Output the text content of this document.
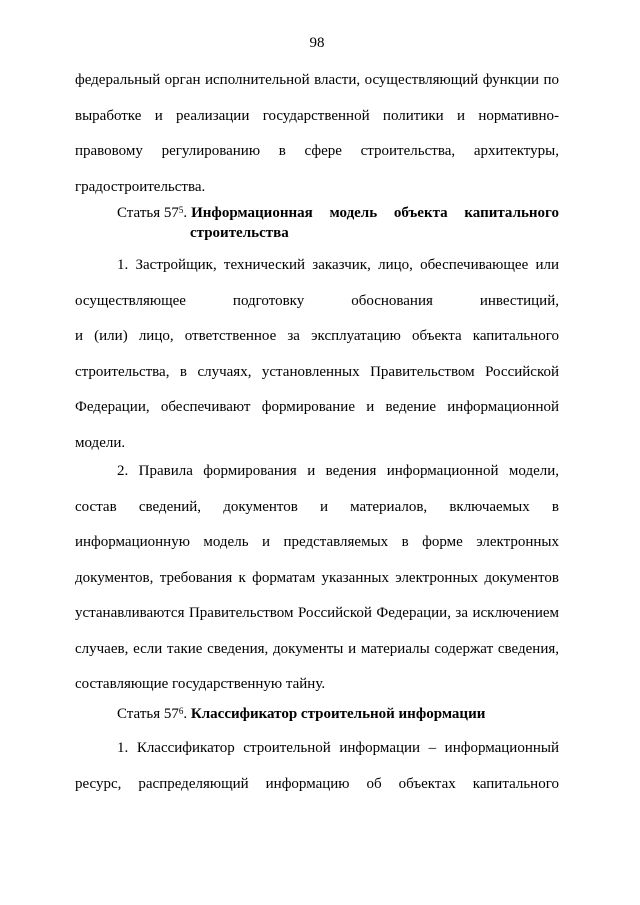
98
федеральный орган исполнительной власти, осуществляющий функции по
выработке и реализации государственной политики и нормативно-
правовому регулированию в сфере строительства, архитектуры,
градостроительства.
Статья $57^5$. Информационная модель объекта капитального
строительства
1. Застройщик, технический заказчик, лицо, обеспечивающее или
осуществляющее подготовку обоснования инвестиций,
и (или) лицо, ответственное за эксплуатацию объекта капитального
строительства, в случаях, установленных Правительством Российской
Федерации, обеспечивают формирование и ведение информационной
модели.
2. Правила формирования и ведения информационной модели,
состав сведений, документов и материалов, включаемых в
информационную модель и представляемых в форме электронных
документов, требования к форматам указанных электронных документов
устанавливаются Правительством Российской Федерации, за исключением
случаев, если такие сведения, документы и материалы содержат сведения,
составляющие государственную тайну.
Статья $57^6$. Классификатор строительной информации
1. Классификатор строительной информации – информационный
ресурс, распределяющий информацию об объектах капитального
